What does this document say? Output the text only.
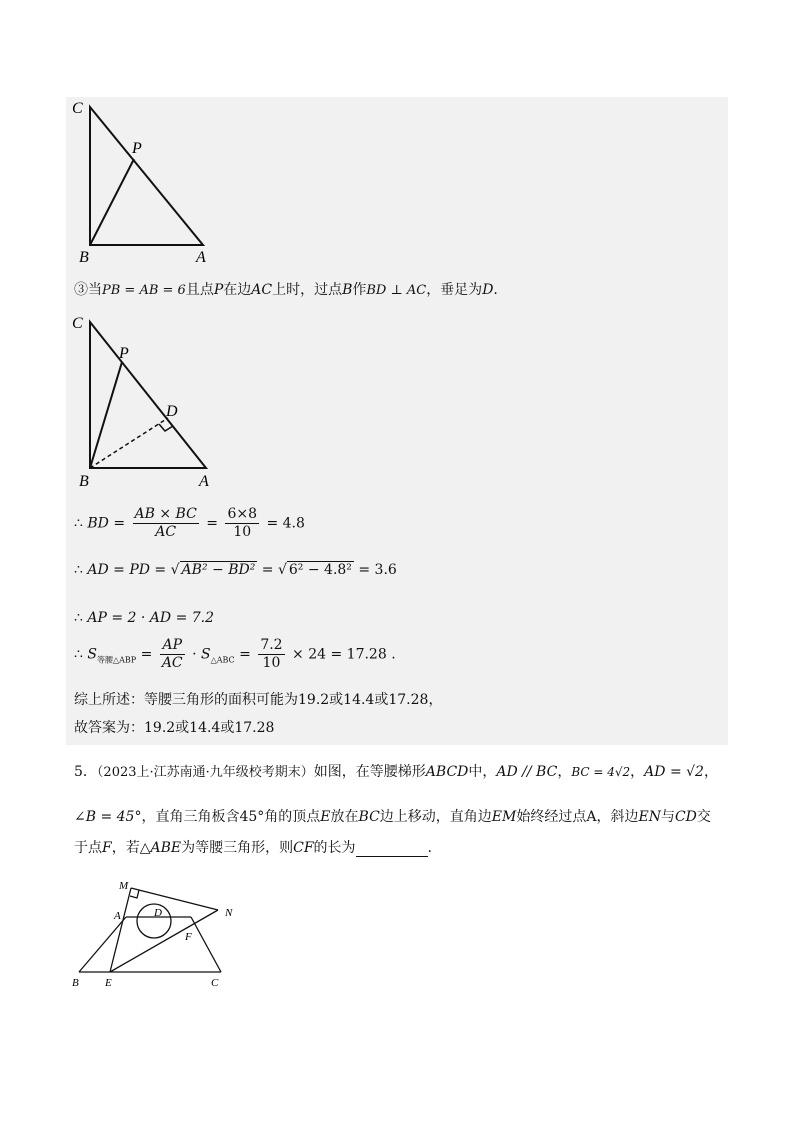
C
P
B	A
③当PB = AB = 6且点P在边AC上时，过点B作BD ⊥ AC，垂足为D.
C
P
D
B	A
∴ BD = $\frac{AB \times BC}{AC} = \frac{6\times 8}{10} = 4.8$
∴ AD = PD = √ AB² − BD² = √ 6² − 4.8² = 3.6
∴ AP = 2 · AD = 7.2
∴ $S_{等腰\triangle ABP} = \frac{AP}{AC} \cdot S_{\triangle ABC} = \frac{7.2}{10} \times 24 = 17.28$ .
综上所述：等腰三角形的面积可能为19.2或14.4或17.28，
故答案为：19.2或14.4或17.28
5．（2023上·江苏南通·九年级校考期末）如图，在等腰梯形ABCD中，AD // BC，BC = 4√2，AD = √2，
∠B = 45°，直角三角板含45°角的顶点E放在BC边上移动，直角边EM始终经过点A，斜边EN与CD交
于点F，若△ABE为等腰三角形，则CF的长为	.
M
A	D	N
F
B E	C
